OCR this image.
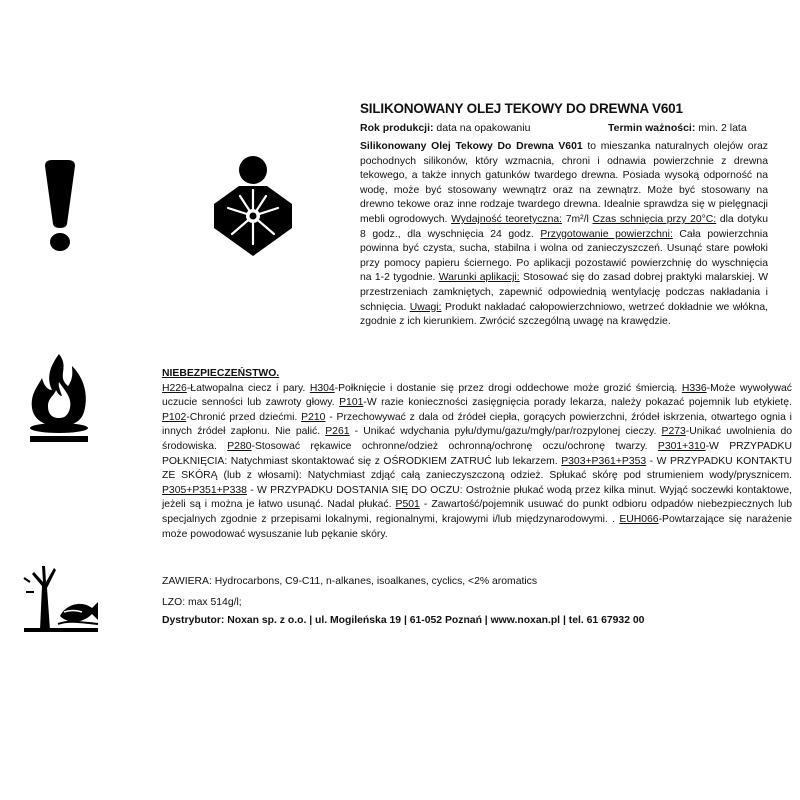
SILIKONOWANY OLEJ TEKOWY DO DREWNA V601
Rok produkcji: data na opakowaniu	Termin ważności: min. 2 lata
Silikonowany Olej Tekowy Do Drewna V601 to mieszanka naturalnych olejów oraz pochodnych silikonów, który wzmacnia, chroni i odnawia powierzchnie z drewna tekowego, a także innych gatunków twardego drewna. Posiada wysoką odporność na wodę, może być stosowany wewnątrz oraz na zewnątrz. Może być stosowany na drewno tekowe oraz inne rodzaje twardego drewna. Idealnie sprawdza się w pielęgnacji mebli ogrodowych. Wydajność teoretyczna: 7m²/l Czas schnięcia przy 20°C: dla dotyku 8 godz., dla wyschnięcia 24 godz. Przygotowanie powierzchni: Cała powierzchnia powinna być czysta, sucha, stabilna i wolna od zanieczyszczeń. Usunąć stare powłoki przy pomocy papieru ściernego. Po aplikacji pozostawić powierzchnię do wyschnięcia na 1-2 tygodnie. Warunki aplikacji: Stosować się do zasad dobrej praktyki malarskiej. W przestrzeniach zamkniętych, zapewnić odpowiednią wentylację podczas nakładania i schnięcia. Uwagi: Produkt nakładać całopowierzchniowo, wetrzeć dokładnie we włókna, zgodnie z ich kierunkiem. Zwrócić szczególną uwagę na krawędzie.
NIEBEZPIECZEŃSTWO.
H226-Łatwopalna ciecz i pary. H304-Połknięcie i dostanie się przez drogi oddechowe może grozić śmiercią. H336-Może wywoływać uczucie senności lub zawroty głowy. P101-W razie konieczności zasięgnięcia porady lekarza, należy pokazać pojemnik lub etykietę. P102-Chronić przed dziećmi. P210 - Przechowywać z dala od źródeł ciepła, gorących powierzchni, źródeł iskrzenia, otwartego ognia i innych źródeł zapłonu. Nie palić. P261 - Unikać wdychania pyłu/dymu/gazu/mgły/par/rozpylonej cieczy. P273-Unikać uwolnienia do środowiska. P280-Stosować rękawice ochronne/odzież ochronną/ochronę oczu/ochronę twarzy. P301+310-W PRZYPADKU POŁKNIĘCIA: Natychmiast skontaktować się z OŚRODKIEM ZATRUĆ lub lekarzem. P303+P361+P353 - W PRZYPADKU KONTAKTU ZE SKÓRĄ (lub z włosami): Natychmiast zdjąć całą zanieczyszczoną odzież. Spłukać skórę pod strumieniem wody/prysznicem. P305+P351+P338 - W PRZYPADKU DOSTANIA SIĘ DO OCZU: Ostrożnie płukać wodą przez kilka minut. Wyjąć soczewki kontaktowe, jeżeli są i można je łatwo usunąć. Nadal płukać. P501 - Zawartość/pojemnik usuwać do punkt odbioru odpadów niebezpiecznych lub specjalnych zgodnie z przepisami lokalnymi, regionalnymi, krajowymi i/lub międzynarodowymi. . EUH066-Powtarzające się narażenie może powodować wysuszanie lub pękanie skóry.
ZAWIERA: Hydrocarbons, C9-C11, n-alkanes, isoalkanes, cyclics, <2% aromatics
LZO: max 514g/l;
Dystrybutor: Noxan sp. z o.o. | ul. Mogileńska 19 | 61-052 Poznań | www.noxan.pl | tel. 61 67932 00
